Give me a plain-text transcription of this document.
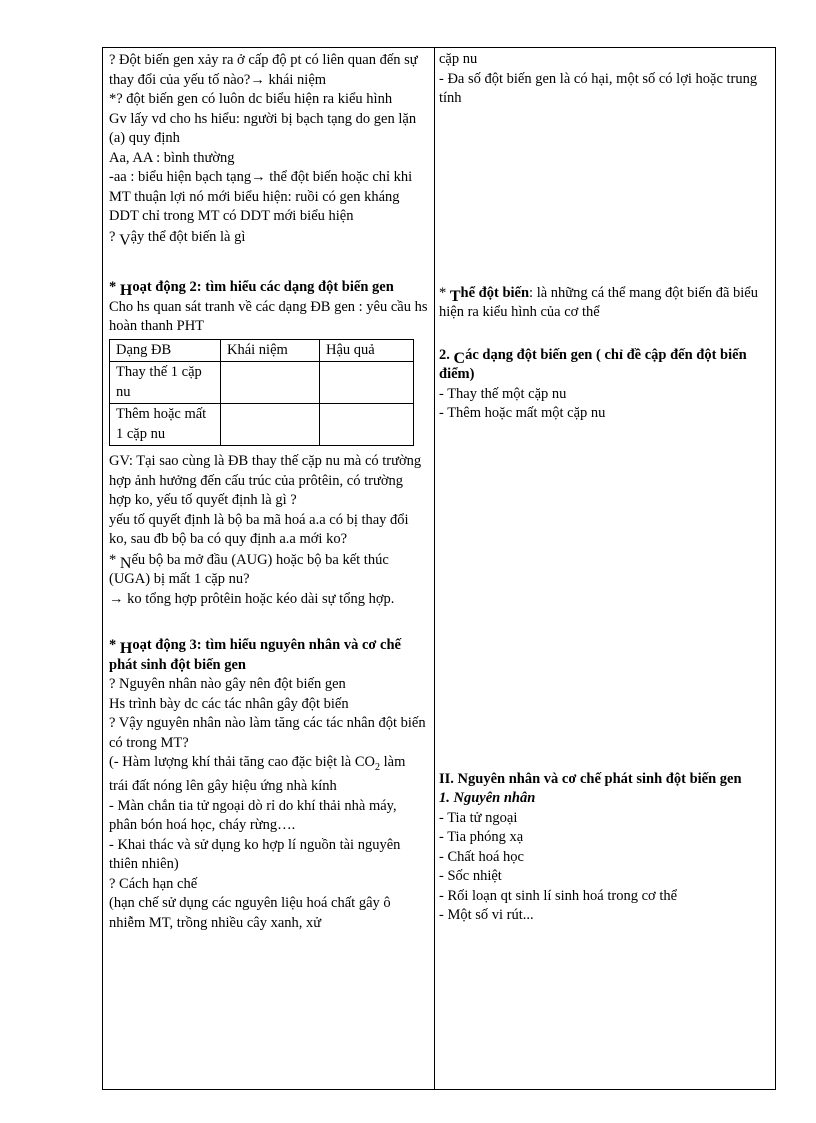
? Đột biến gen xảy ra ở cấp độ pt có liên quan đến sự thay đổi của yếu tố nào?→ khái niệm

*? đột biến gen có luôn dc biểu hiện ra kiểu hình

Gv lấy vd cho hs hiểu: người bị bạch tạng do gen lặn (a) quy định

Aa, AA : bình thường

-aa : biểu hiện bạch tạng→ thể đột biến hoặc chỉ khi MT thuận lợi nó mới biểu hiện: ruồi có gen kháng DDT chỉ trong MT có DDT mới biểu hiện

? Vậy thể đột biến là gì

* Hoạt động 2: tìm hiểu các dạng đột biến gen

Cho hs quan sát tranh về các dạng ĐB gen : yêu cầu hs hoàn thanh PHT

Dạng ĐB	Khái niệm	Hậu quả
Thay thế 1 cặp nu		
Thêm hoặc mất 1 cặp nu		

GV: Tại sao cùng là ĐB thay thế cặp nu mà có trường hợp ảnh hưởng đến cấu trúc của prôtêin, có trường hợp ko, yếu tố quyết định là gì ?

yếu tố quyết định là bộ ba mã hoá a.a có bị thay đổi ko, sau đb bộ ba có quy định a.a mới ko?

* Nếu bộ ba mở đầu (AUG) hoặc bộ ba kết thúc (UGA) bị mất 1 cặp nu?

→ ko tổng hợp prôtêin hoặc kéo dài sự tổng hợp.

* Hoạt động 3: tìm hiểu nguyên nhân và cơ chế phát sinh đột biến gen

? Nguyên nhân nào gây nên đột biến gen

Hs trình bày dc các tác nhân gây đột biến

? Vậy nguyên nhân nào làm tăng các tác nhân đột biến có trong MT?

(- Hàm lượng khí thải tăng cao đặc biệt là $CO_2$ làm trái đất nóng lên gây hiệu ứng nhà kính

- Màn chắn tia tử ngoại dò rỉ do khí thải nhà máy, phân bón hoá học, cháy rừng….

- Khai thác và sử dụng ko hợp lí nguồn tài nguyên thiên nhiên)

? Cách hạn chế

(hạn chế sử dụng các nguyên liệu hoá chất gây ô nhiễm MT, trồng nhiều cây xanh, xử

cặp nu

- Đa số đột biến gen là có hại, một số có lợi hoặc trung tính

* Thể đột biến: là những cá thể mang đột biến đã biểu hiện ra kiểu hình của cơ thể

2. Các dạng đột biến gen ( chỉ đề cập đến đột biến điểm)

- Thay thế một cặp nu

- Thêm hoặc mất một cặp nu

II. Nguyên nhân và cơ chế phát sinh đột biến gen

1. Nguyên nhân

- Tia tử ngoại

- Tia phóng xạ

- Chất hoá học

- Sốc nhiệt

- Rối loạn qt sinh lí sinh hoá trong cơ thể

- Một số vi rút...
